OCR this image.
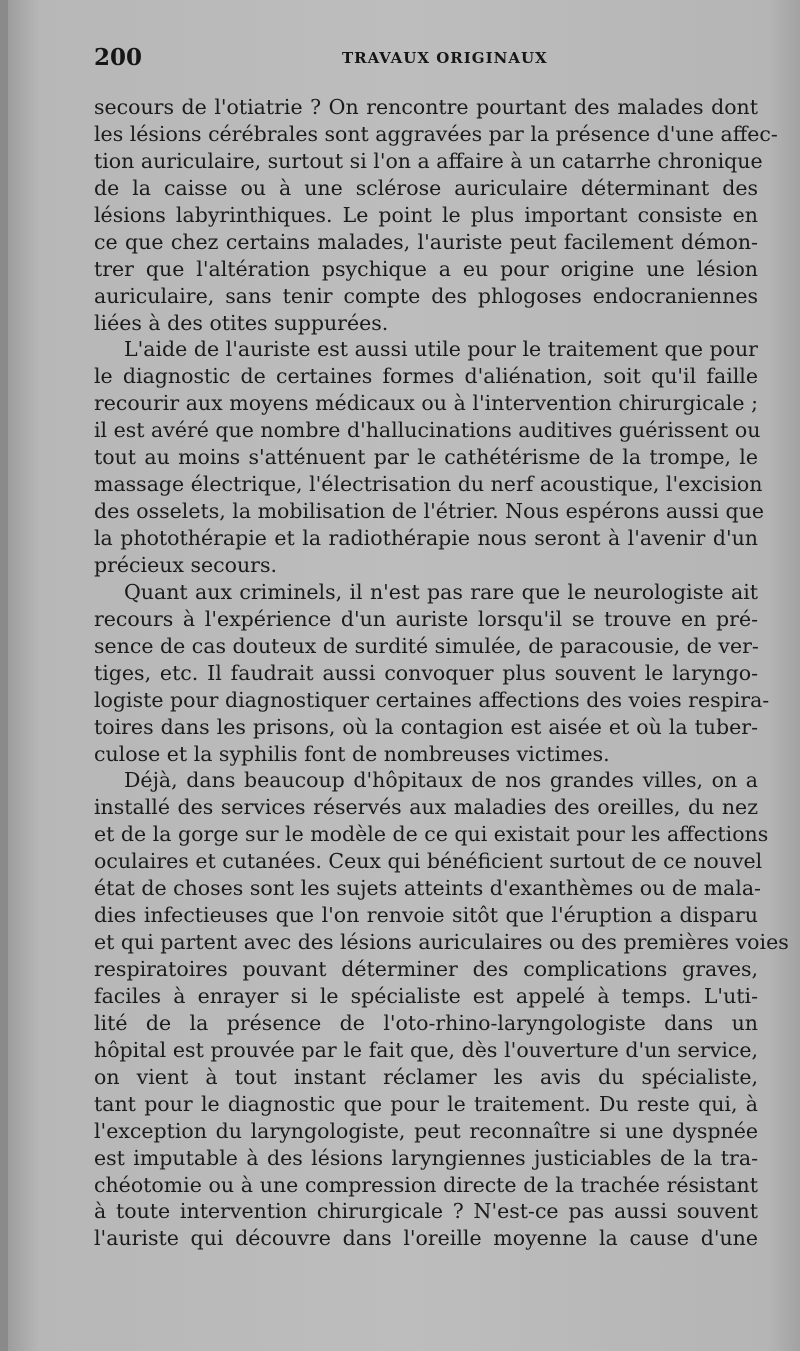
200	TRAVAUX ORIGINAUX
secours de l'otiatrie ? On rencontre pourtant des malades dont
les lésions cérébrales sont aggravées par la présence d'une affec-
tion auriculaire, surtout si l'on a affaire à un catarrhe chronique
de la caisse ou à une sclérose auriculaire déterminant des
lésions labyrinthiques. Le point le plus important consiste en
ce que chez certains malades, l'auriste peut facilement démon-
trer que l'altération psychique a eu pour origine une lésion
auriculaire, sans tenir compte des phlogoses endocraniennes
liées à des otites suppurées.
L'aide de l'auriste est aussi utile pour le traitement que pour
le diagnostic de certaines formes d'aliénation, soit qu'il faille
recourir aux moyens médicaux ou à l'intervention chirurgicale ;
il est avéré que nombre d'hallucinations auditives guérissent ou
tout au moins s'atténuent par le cathétérisme de la trompe, le
massage électrique, l'électrisation du nerf acoustique, l'excision
des osselets, la mobilisation de l'étrier. Nous espérons aussi que
la photothérapie et la radiothérapie nous seront à l'avenir d'un
précieux secours.
Quant aux criminels, il n'est pas rare que le neurologiste ait
recours à l'expérience d'un auriste lorsqu'il se trouve en pré-
sence de cas douteux de surdité simulée, de paracousie, de ver-
tiges, etc. Il faudrait aussi convoquer plus souvent le laryngo-
logiste pour diagnostiquer certaines affections des voies respira-
toires dans les prisons, où la contagion est aisée et où la tuber-
culose et la syphilis font de nombreuses victimes.
Déjà, dans beaucoup d'hôpitaux de nos grandes villes, on a
installé des services réservés aux maladies des oreilles, du nez
et de la gorge sur le modèle de ce qui existait pour les affections
oculaires et cutanées. Ceux qui bénéficient surtout de ce nouvel
état de choses sont les sujets atteints d'exanthèmes ou de mala-
dies infectieuses que l'on renvoie sitôt que l'éruption a disparu
et qui partent avec des lésions auriculaires ou des premières voies
respiratoires pouvant déterminer des complications graves,
faciles à enrayer si le spécialiste est appelé à temps. L'uti-
lité de la présence de l'oto-rhino-laryngologiste dans un
hôpital est prouvée par le fait que, dès l'ouverture d'un service,
on vient à tout instant réclamer les avis du spécialiste,
tant pour le diagnostic que pour le traitement. Du reste qui, à
l'exception du laryngologiste, peut reconnaître si une dyspnée
est imputable à des lésions laryngiennes justiciables de la tra-
chéotomie ou à une compression directe de la trachée résistant
à toute intervention chirurgicale ? N'est-ce pas aussi souvent
l'auriste qui découvre dans l'oreille moyenne la cause d'une
